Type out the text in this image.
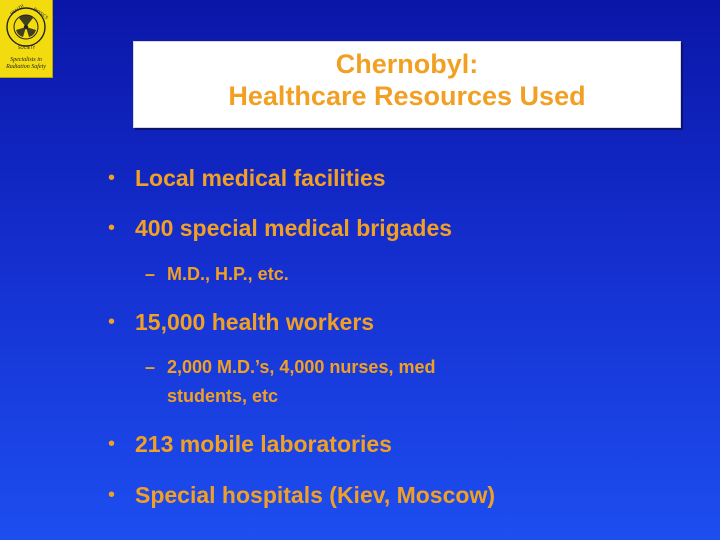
HEALTH PHYSICS
SOCIETY
Specialists in
Radiation Safety	Chernobyl:
Healthcare Resources Used
• Local medical facilities
• 400 special medical brigades
– M.D., H.P., etc.
• 15,000 health workers
– 2,000 M.D.’s, 4,000 nurses, med
students, etc
• 213 mobile laboratories
• Special hospitals (Kiev, Moscow)
